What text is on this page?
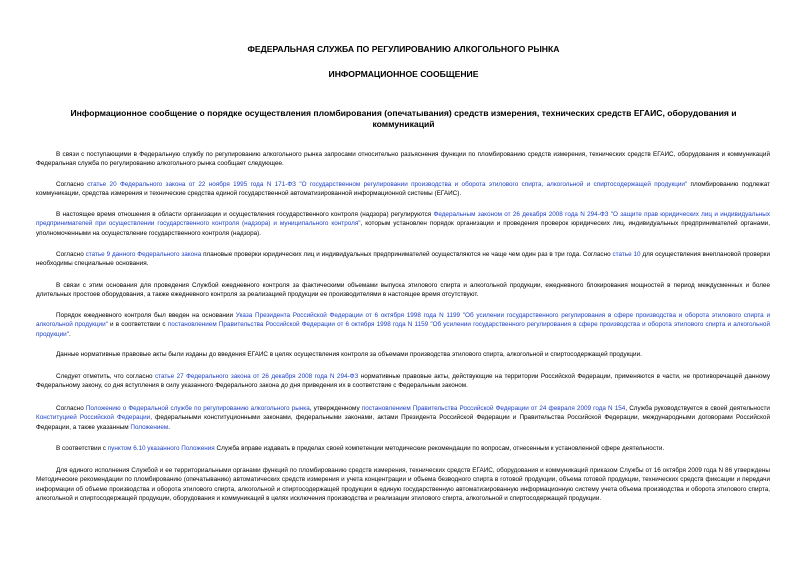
ФЕДЕРАЛЬНАЯ СЛУЖБА ПО РЕГУЛИРОВАНИЮ АЛКОГОЛЬНОГО РЫНКА
ИНФОРМАЦИОННОЕ СООБЩЕНИЕ
Информационное сообщение о порядке осуществления пломбирования (опечатывания) средств измерения, технических средств ЕГАИС, оборудования и коммуникаций
В связи с поступающими в Федеральную службу по регулированию алкогольного рынка запросами относительно разъяснения функции по пломбированию средств измерения, технических средств ЕГАИС, оборудования и коммуникаций Федеральная служба по регулированию алкогольного рынка сообщает следующее.
Согласно статье 20 Федерального закона от 22 ноября 1995 года N 171-ФЗ "О государственном регулировании производства и оборота этилового спирта, алкогольной и спиртосодержащей продукции" пломбированию подлежат коммуникации, средства измерения и технические средства единой государственной автоматизированной информационной системы (ЕГАИС).
В настоящее время отношения в области организации и осуществления государственного контроля (надзора) регулируются Федеральным законом от 26 декабря 2008 года N 294-ФЗ "О защите прав юридических лиц и индивидуальных предпринимателей при осуществлении государственного контроля (надзора) и муниципального контроля", которым установлен порядок организации и проведения проверок юридических лиц, индивидуальных предпринимателей органами, уполномоченными на осуществление государственного контроля (надзора).
Согласно статье 9 данного Федерального закона плановые проверки юридических лиц и индивидуальных предпринимателей осуществляются не чаще чем один раз в три года. Согласно статье 10 для осуществления внеплановой проверки необходимы специальные основания.
В связи с этим основания для проведения Службой ежедневного контроля за фактическими объемами выпуска этилового спирта и алкогольной продукции, ежедневного блокирования мощностей в период междусменных и более длительных простоев оборудования, а также ежедневного контроля за реализацией продукции ее производителями в настоящее время отсутствуют.
Порядок ежедневного контроля был введен на основании Указа Президента Российской Федерации от 6 октября 1998 года N 1199 "Об усилении государственного регулирования в сфере производства и оборота этилового спирта и алкогольной продукции" и в соответствии с постановлением Правительства Российской Федерации от 6 октября 1998 года N 1159 "Об усилении государственного регулирования в сфере производства и оборота этилового спирта и алкогольной продукции".
Данные нормативные правовые акты были изданы до введения ЕГАИС в целях осуществления контроля за объемами производства этилового спирта, алкогольной и спиртосодержащей продукции.
Следует отметить, что согласно статье 27 Федерального закона от 26 декабря 2008 года N 294-ФЗ нормативные правовые акты, действующие на территории Российской Федерации, применяются в части, не противоречащей данному Федеральному закону, со дня вступления в силу указанного Федерального закона до дня приведения их в соответствие с Федеральным законом.
Согласно Положению о Федеральной службе по регулированию алкогольного рынка, утвержденному постановлением Правительства Российской Федерации от 24 февраля 2009 года N 154, Служба руководствуется в своей деятельности Конституцией Российской Федерации, федеральными конституционными законами, федеральными законами, актами Президента Российской Федерации и Правительства Российской Федерации, международными договорами Российской Федерации, а также указанным Положением.
В соответствии с пунктом 6.10 указанного Положения Служба вправе издавать в пределах своей компетенции методические рекомендации по вопросам, отнесенным к установленной сфере деятельности.
Для единого исполнения Службой и ее территориальными органами функций по пломбированию средств измерения, технических средств ЕГАИС, оборудования и коммуникаций приказом Службы от 16 октября 2009 года N 86 утверждены Методические рекомендации по пломбированию (опечатыванию) автоматических средств измерения и учета концентрации и объема безводного спирта в готовой продукции, объема готовой продукции, технических средств фиксации и передачи информации об объеме производства и оборота этилового спирта, алкогольной и спиртосодержащей продукции в единую государственную автоматизированную информационную систему учета объема производства и оборота этилового спирта, алкогольной и спиртосодержащей продукции, оборудования и коммуникаций в целях исключения производства и реализации этилового спирта, алкогольной и спиртосодержащей продукции.
